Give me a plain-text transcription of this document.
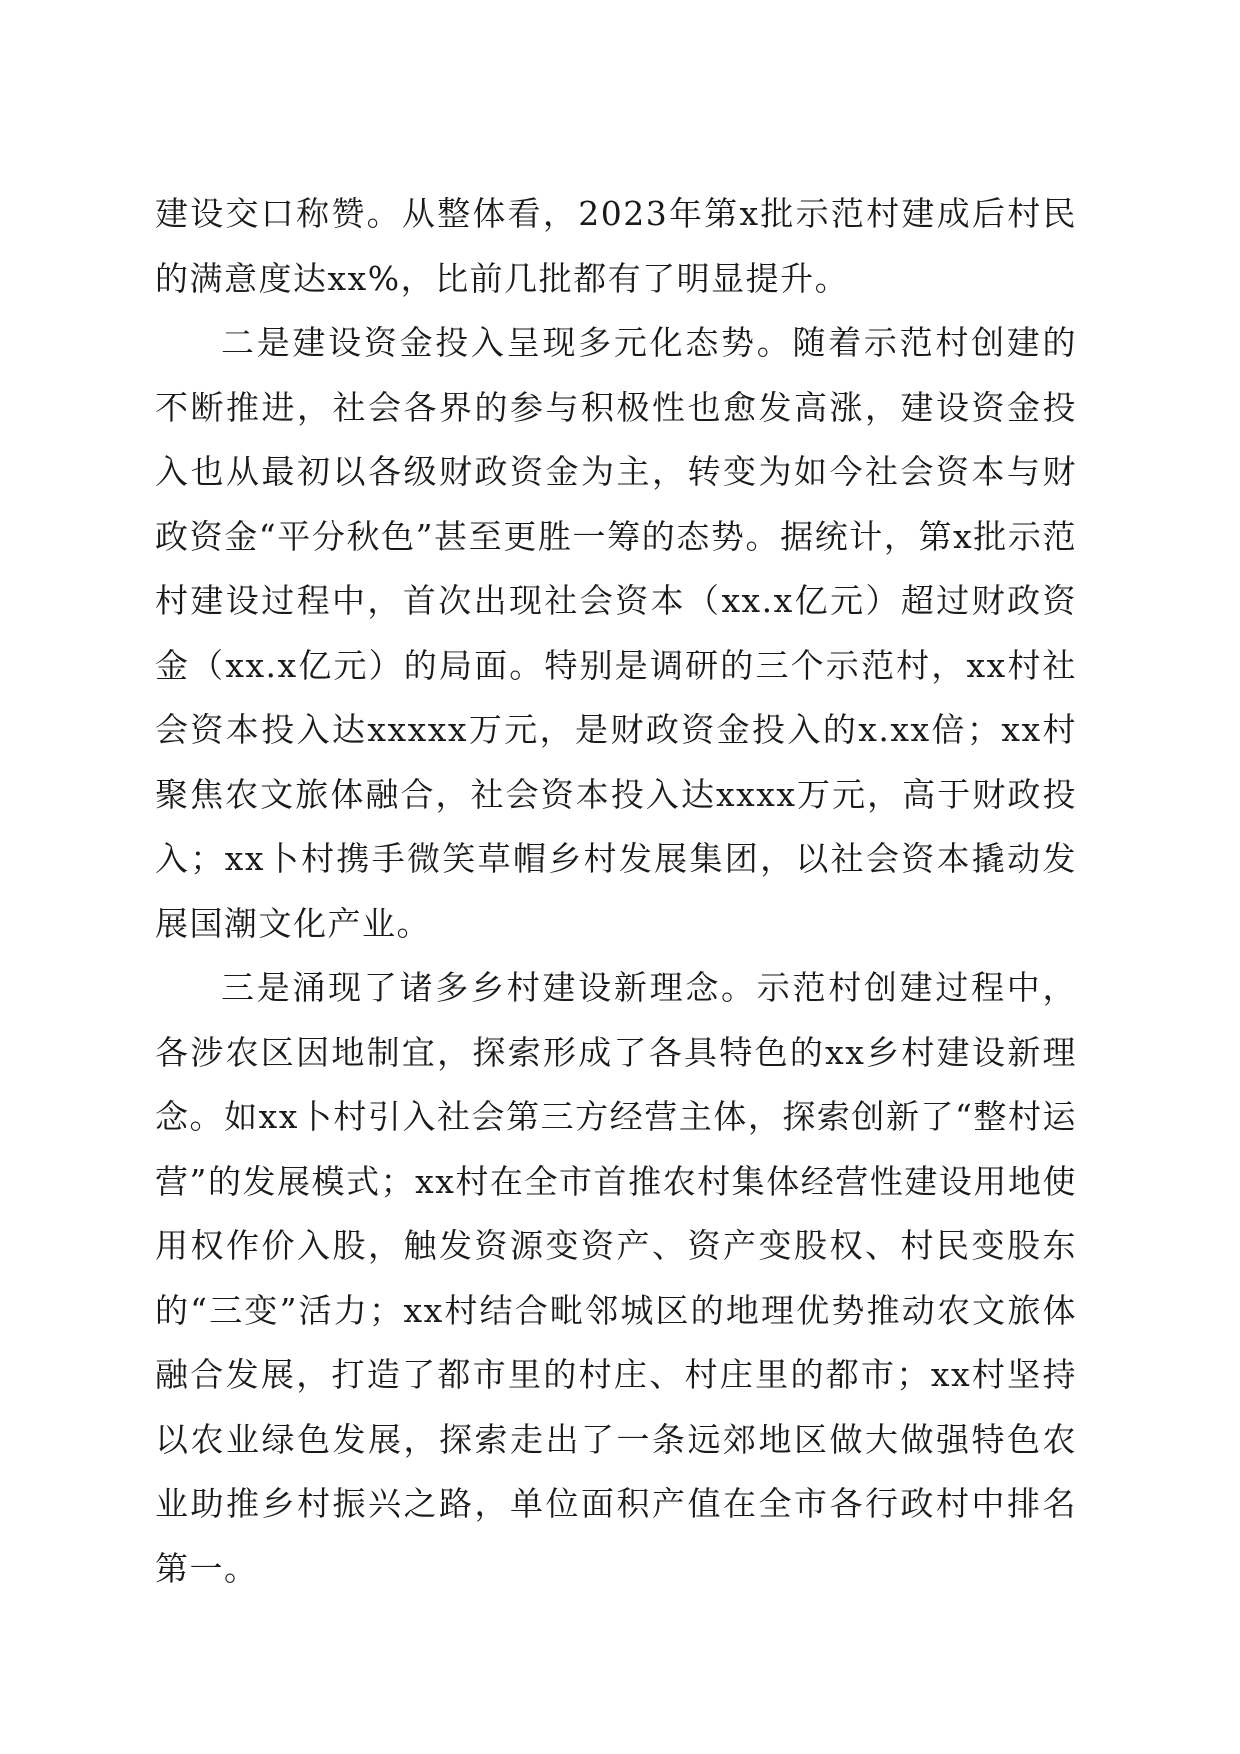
建设交口称赞。从整体看，2023年第x批示范村建成后村民的满意度达xx%，比前几批都有了明显提升。

二是建设资金投入呈现多元化态势。随着示范村创建的不断推进，社会各界的参与积极性也愈发高涨，建设资金投入也从最初以各级财政资金为主，转变为如今社会资本与财政资金“平分秋色”甚至更胜一筹的态势。据统计，第x批示范村建设过程中，首次出现社会资本（xx.x亿元）超过财政资金（xx.x亿元）的局面。特别是调研的三个示范村，xx村社会资本投入达xxxxx万元，是财政资金投入的x.xx倍；xx村聚焦农文旅体融合，社会资本投入达xxxx万元，高于财政投入；xx卜村携手微笑草帽乡村发展集团，以社会资本撬动发展国潮文化产业。

三是涌现了诸多乡村建设新理念。示范村创建过程中，各涉农区因地制宜，探索形成了各具特色的xx乡村建设新理念。如xx卜村引入社会第三方经营主体，探索创新了“整村运营”的发展模式；xx村在全市首推农村集体经营性建设用地使用权作价入股，触发资源变资产、资产变股权、村民变股东的“三变”活力；xx村结合毗邻城区的地理优势推动农文旅体融合发展，打造了都市里的村庄、村庄里的都市；xx村坚持以农业绿色发展，探索走出了一条远郊地区做大做强特色农业助推乡村振兴之路，单位面积产值在全市各行政村中排名第一。
